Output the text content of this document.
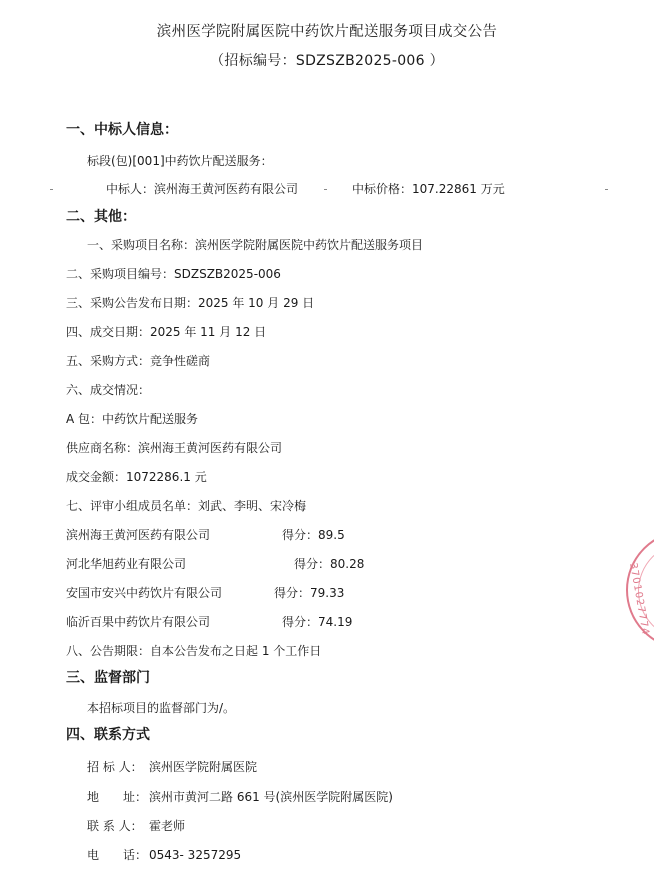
滨州医学院附属医院中药饮片配送服务项目成交公告
（招标编号：SDZSZB2025-006 ）
一、中标人信息：
标段(包)[001]中药饮片配送服务：
中标人：滨州海王黄河医药有限公司	中标价格：107.22861 万元
二、其他：
一、采购项目名称：滨州医学院附属医院中药饮片配送服务项目
二、采购项目编号：SDZSZB2025-006
三、采购公告发布日期：2025 年 10 月 29 日
四、成交日期：2025 年 11 月 12 日
五、采购方式：竞争性磋商
六、成交情况：
A 包：中药饮片配送服务
供应商名称：滨州海王黄河医药有限公司
成交金额：1072286.1 元
七、评审小组成员名单：刘武、李明、宋冷梅
滨州海王黄河医药有限公司	得分：89.5
河北华旭药业有限公司	得分：80.28
安国市安兴中药饮片有限公司	得分：79.33
临沂百果中药饮片有限公司	得分：74.19
八、公告期限：自本公告发布之日起 1 个工作日
三、监督部门
本招标项目的监督部门为/。
四、联系方式
招 标 人： 滨州医学院附属医院
地　　址： 滨州市黄河二路 661 号(滨州医学院附属医院)
联 系 人： 霍老师
电　　话： 0543- 3257295
3701027774
